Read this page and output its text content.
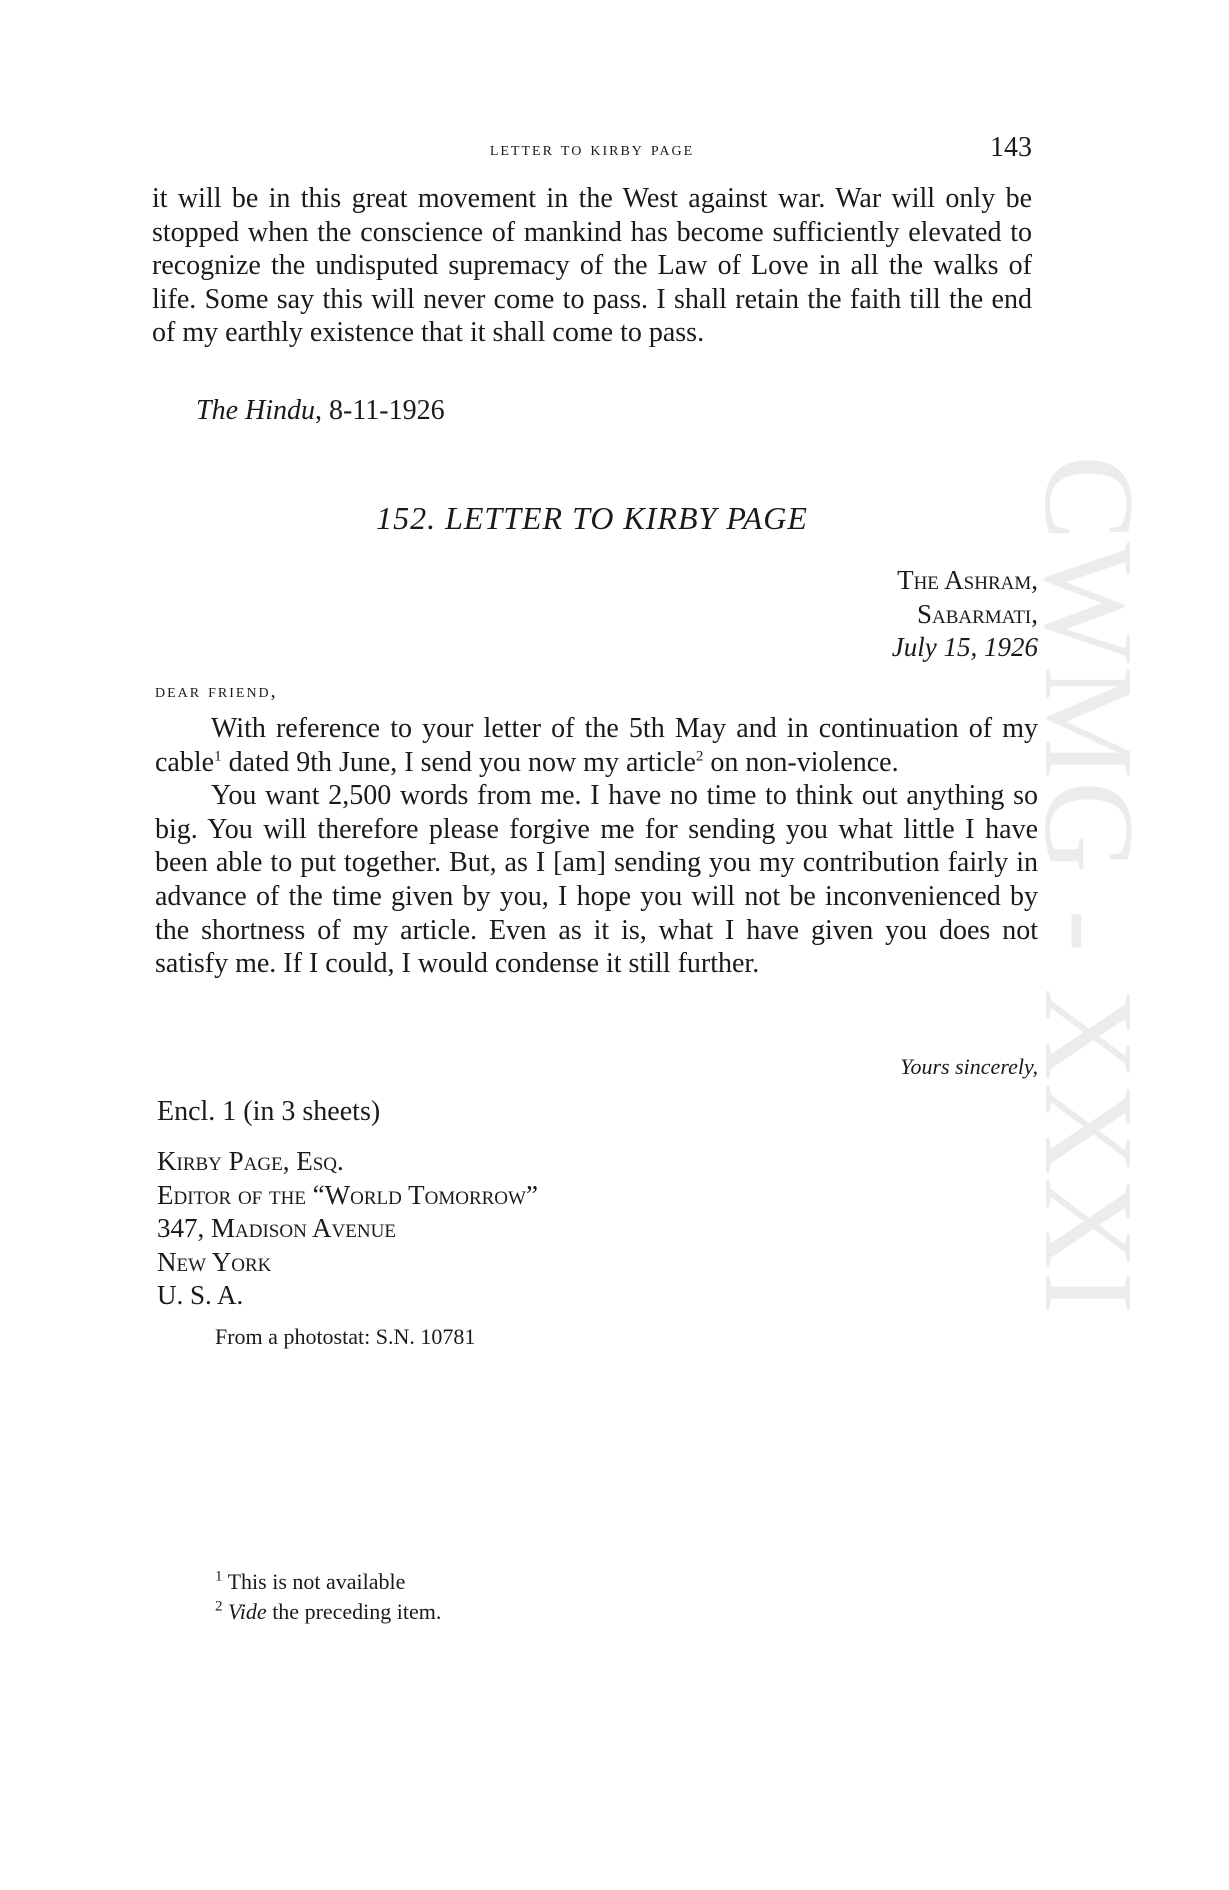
CWMG - XXXI
letter to kirby page	143

it will be in this great movement in the West against war. War will only be stopped when the conscience of mankind has become sufficiently elevated to recognize the undisputed supremacy of the Law of Love in all the walks of life. Some say this will never come to pass. I shall retain the faith till the end of my earthly existence that it shall come to pass.

The Hindu, 8-11-1926
152. LETTER TO KIRBY PAGE
The Ashram,
Sabarmati,
July 15, 1926
dear friend,

With reference to your letter of the 5th May and in continuation of my cable$^1$ dated 9th June, I send you now my article$^2$ on non-violence.

You want 2,500 words from me. I have no time to think out anything so big. You will therefore please forgive me for sending you what little I have been able to put together. But, as I [am] sending you my contribution fairly in advance of the time given by you, I hope you will not be inconvenienced by the shortness of my article. Even as it is, what I have given you does not satisfy me. If I could, I would condense it still further.

Yours sincerely,
Encl. 1 (in 3 sheets)
Kirby Page, Esq.
Editor of the “World Tomorrow”
347, Madison Avenue
New York
U. S. A.
From a photostat: S.N. 10781
$^1$ This is not available
$^2$ Vide the preceding item.
